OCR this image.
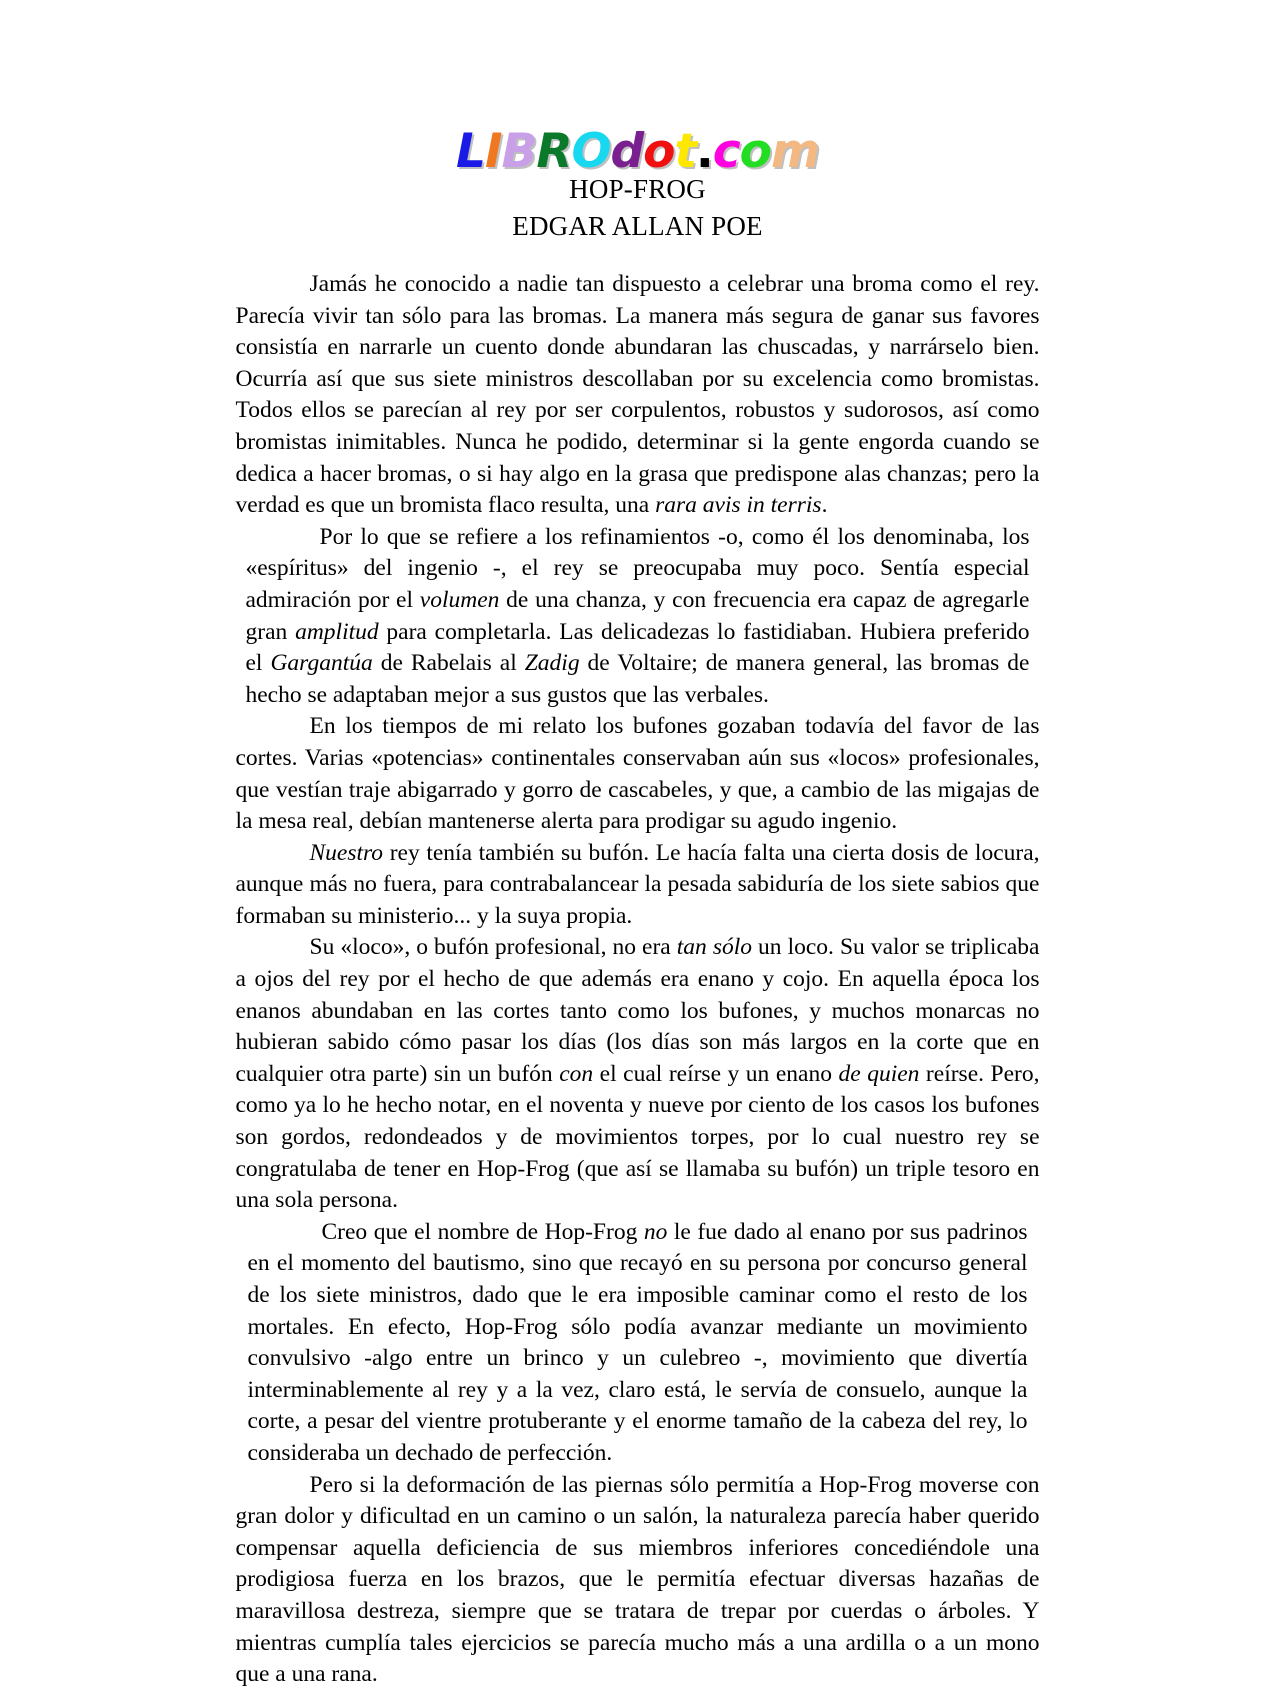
LIBROdot.com
HOP-FROG
EDGAR ALLAN POE

Jamás he conocido a nadie tan dispuesto a celebrar una broma como el rey. Parecía vivir tan sólo para las bromas. La manera más segura de ganar sus favores consistía en narrarle un cuento donde abundaran las chuscadas, y narrárselo bien. Ocurría así que sus siete ministros descollaban por su excelencia como bromistas. Todos ellos se parecían al rey por ser corpulentos, robustos y sudorosos, así como bromistas inimitables. Nunca he podido, determinar si la gente engorda cuando se dedica a hacer bromas, o si hay algo en la grasa que predispone alas chanzas; pero la verdad es que un bromista flaco resulta, una rara avis in terris.

Por lo que se refiere a los refinamientos -o, como él los denominaba, los «espíritus» del ingenio -, el rey se preocupaba muy poco. Sentía especial admiración por el volumen de una chanza, y con frecuencia era capaz de agregarle gran amplitud para completarla. Las delicadezas lo fastidiaban. Hubiera preferido el Gargantúa de Rabelais al Zadig de Voltaire; de manera general, las bromas de hecho se adaptaban mejor a sus gustos que las verbales.

En los tiempos de mi relato los bufones gozaban todavía del favor de las cortes. Varias «potencias» continentales conservaban aún sus «locos» profesionales, que vestían traje abigarrado y gorro de cascabeles, y que, a cambio de las migajas de la mesa real, debían mantenerse alerta para prodigar su agudo ingenio.

Nuestro rey tenía también su bufón. Le hacía falta una cierta dosis de locura, aunque más no fuera, para contrabalancear la pesada sabiduría de los siete sabios que formaban su ministerio... y la suya propia.

Su «loco», o bufón profesional, no era tan sólo un loco. Su valor se triplicaba a ojos del rey por el hecho de que además era enano y cojo. En aquella época los enanos abundaban en las cortes tanto como los bufones, y muchos monarcas no hubieran sabido cómo pasar los días (los días son más largos en la corte que en cualquier otra parte) sin un bufón con el cual reírse y un enano de quien reírse. Pero, como ya lo he hecho notar, en el noventa y nueve por ciento de los casos los bufones son gordos, redondeados y de movimientos torpes, por lo cual nuestro rey se congratulaba de tener en Hop-Frog (que así se llamaba su bufón) un triple tesoro en una sola persona.

Creo que el nombre de Hop-Frog no le fue dado al enano por sus padrinos en el momento del bautismo, sino que recayó en su persona por concurso general de los siete ministros, dado que le era imposible caminar como el resto de los mortales. En efecto, Hop-Frog sólo podía avanzar mediante un movimiento convulsivo -algo entre un brinco y un culebreo -, movimiento que divertía interminablemente al rey y a la vez, claro está, le servía de consuelo, aunque la corte, a pesar del vientre protuberante y el enorme tamaño de la cabeza del rey, lo consideraba un dechado de perfección.

Pero si la deformación de las piernas sólo permitía a Hop-Frog moverse con gran dolor y dificultad en un camino o un salón, la naturaleza parecía haber querido compensar aquella deficiencia de sus miembros inferiores concediéndole una prodigiosa fuerza en los brazos, que le permitía efectuar diversas hazañas de maravillosa destreza, siempre que se tratara de trepar por cuerdas o árboles. Y mientras cumplía tales ejercicios se parecía mucho más a una ardilla o a un mono que a una rana.
